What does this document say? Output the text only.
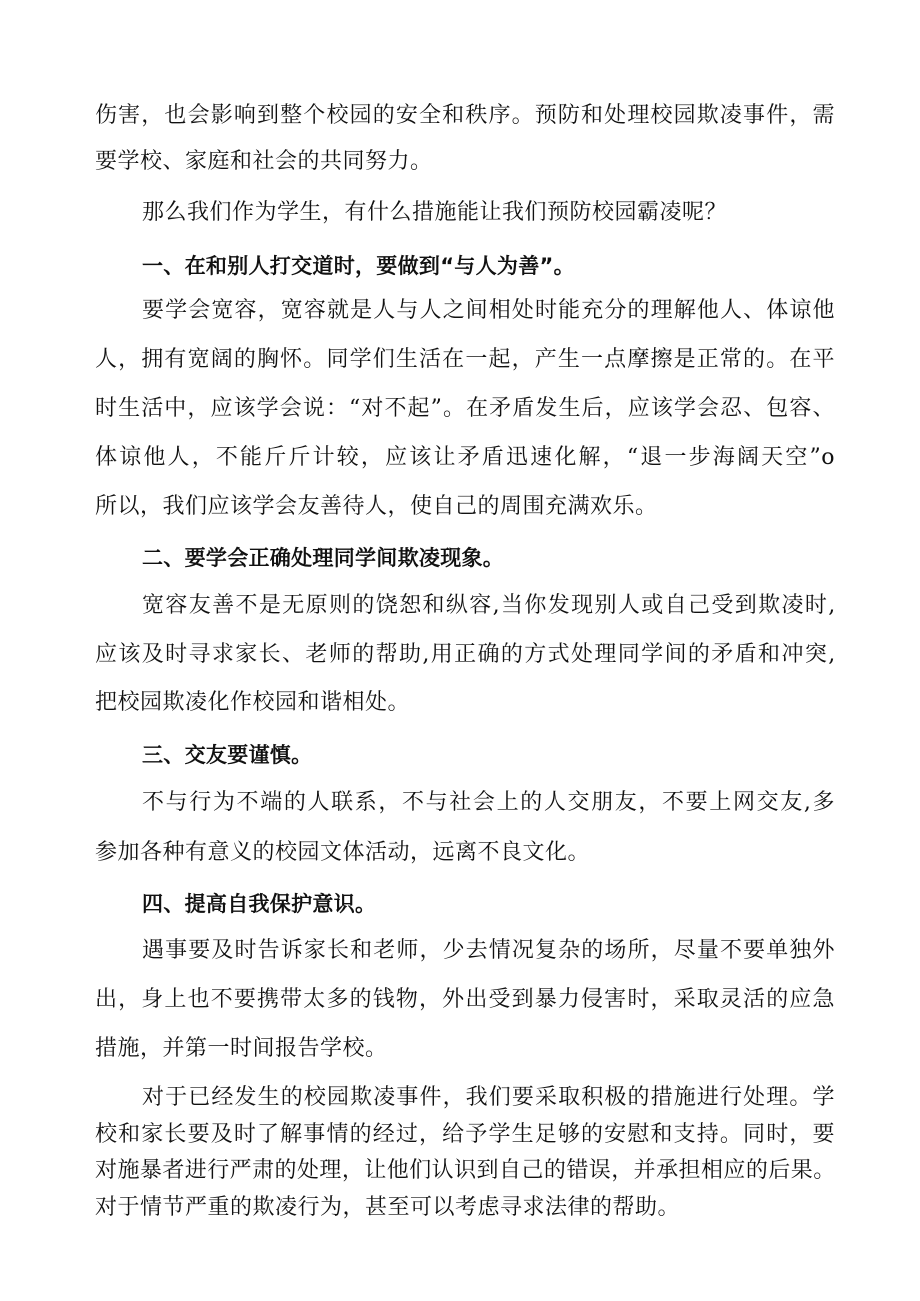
伤害，也会影响到整个校园的安全和秩序。预防和处理校园欺凌事件，需
要学校、家庭和社会的共同努力。
那么我们作为学生，有什么措施能让我们预防校园霸凌呢？
一、在和别人打交道时，要做到“与人为善”。
要学会宽容，宽容就是人与人之间相处时能充分的理解他人、体谅他
人，拥有宽阔的胸怀。同学们生活在一起，产生一点摩擦是正常的。在平
时生活中，应该学会说：“对不起”。在矛盾发生后，应该学会忍、包容、
体谅他人，不能斤斤计较，应该让矛盾迅速化解，“退一步海阔天空”o
所以，我们应该学会友善待人，使自己的周围充满欢乐。
二、要学会正确处理同学间欺凌现象。
宽容友善不是无原则的饶恕和纵容,当你发现别人或自己受到欺凌时,
应该及时寻求家长、老师的帮助,用正确的方式处理同学间的矛盾和冲突,
把校园欺凌化作校园和谐相处。
三、交友要谨慎。
不与行为不端的人联系，不与社会上的人交朋友，不要上网交友,多
参加各种有意义的校园文体活动，远离不良文化。
四、提高自我保护意识。
遇事要及时告诉家长和老师，少去情况复杂的场所，尽量不要单独外
出，身上也不要携带太多的钱物，外出受到暴力侵害时，采取灵活的应急
措施，并第一时间报告学校。
对于已经发生的校园欺凌事件，我们要采取积极的措施进行处理。学
校和家长要及时了解事情的经过，给予学生足够的安慰和支持。同时，要
对施暴者进行严肃的处理，让他们认识到自己的错误，并承担相应的后果。
对于情节严重的欺凌行为，甚至可以考虑寻求法律的帮助。
